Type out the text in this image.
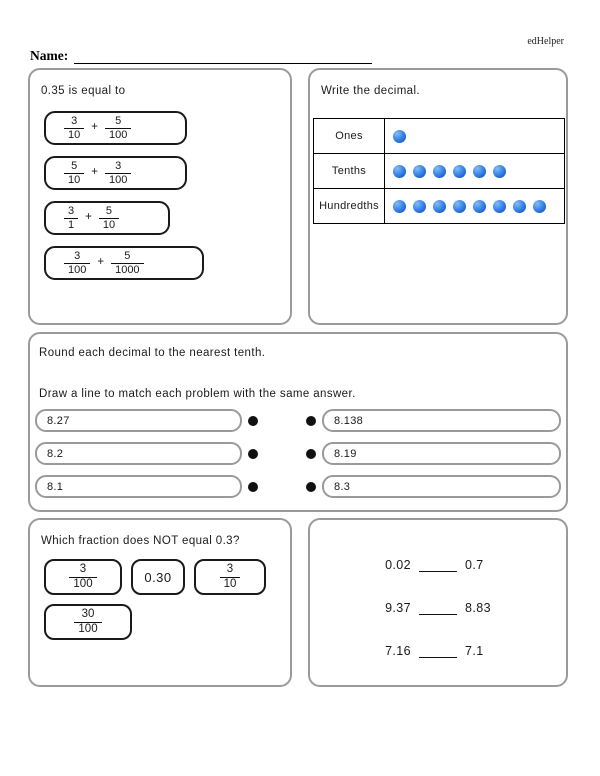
edHelper
Name:
0.35 is equal to
$\frac{3}{10} + \frac{5}{100}$
$\frac{5}{10} + \frac{3}{100}$
$\frac{3}{1} + \frac{5}{10}$
$\frac{3}{100} + \frac{5}{1000}$
Write the decimal.
Ones	

Tenths	

Hundredths	
Round each decimal to the nearest tenth.
Draw a line to match each problem with the same answer.
8.27	8.138
8.2	8.19
8.1	8.3
Which fraction does NOT equal 0.3?
$\frac{3}{100}$	0.30	$\frac{3}{10}$
$\frac{30}{100}$
0.02	0.7
9.37	8.83
7.16	7.1
